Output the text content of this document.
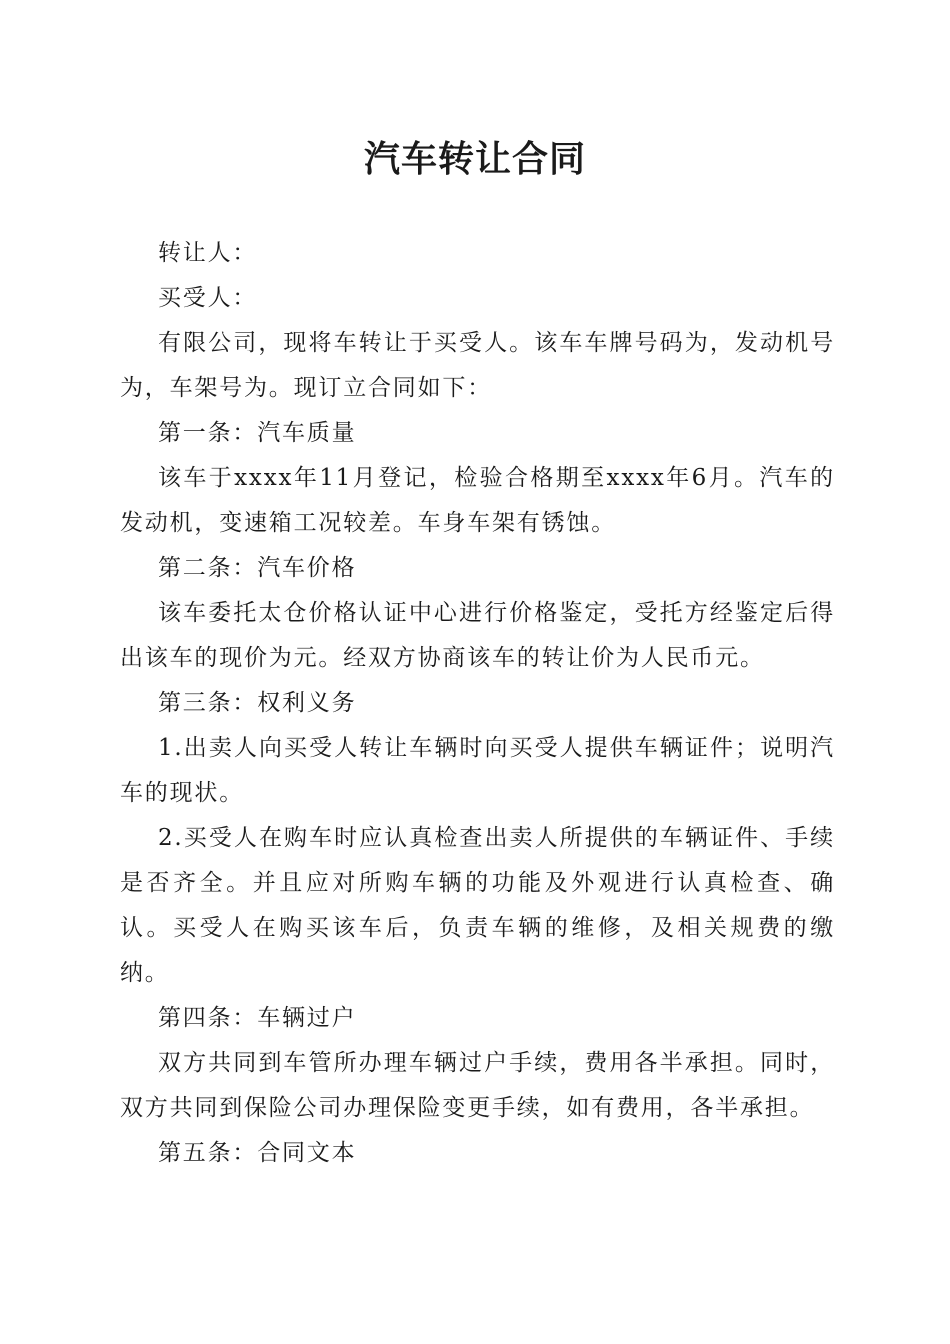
汽车转让合同

转让人：

买受人：

有限公司，现将车转让于买受人。该车车牌号码为，发动机号为，车架号为。现订立合同如下：

第一条：汽车质量

该车于xxxx年11月登记，检验合格期至xxxx年6月。汽车的发动机，变速箱工况较差。车身车架有锈蚀。

第二条：汽车价格

该车委托太仓价格认证中心进行价格鉴定，受托方经鉴定后得出该车的现价为元。经双方协商该车的转让价为人民币元。

第三条：权利义务

1.出卖人向买受人转让车辆时向买受人提供车辆证件；说明汽车的现状。

2.买受人在购车时应认真检查出卖人所提供的车辆证件、手续是否齐全。并且应对所购车辆的功能及外观进行认真检查、确认。买受人在购买该车后，负责车辆的维修，及相关规费的缴纳。

第四条：车辆过户

双方共同到车管所办理车辆过户手续，费用各半承担。同时，双方共同到保险公司办理保险变更手续，如有费用，各半承担。

第五条：合同文本
